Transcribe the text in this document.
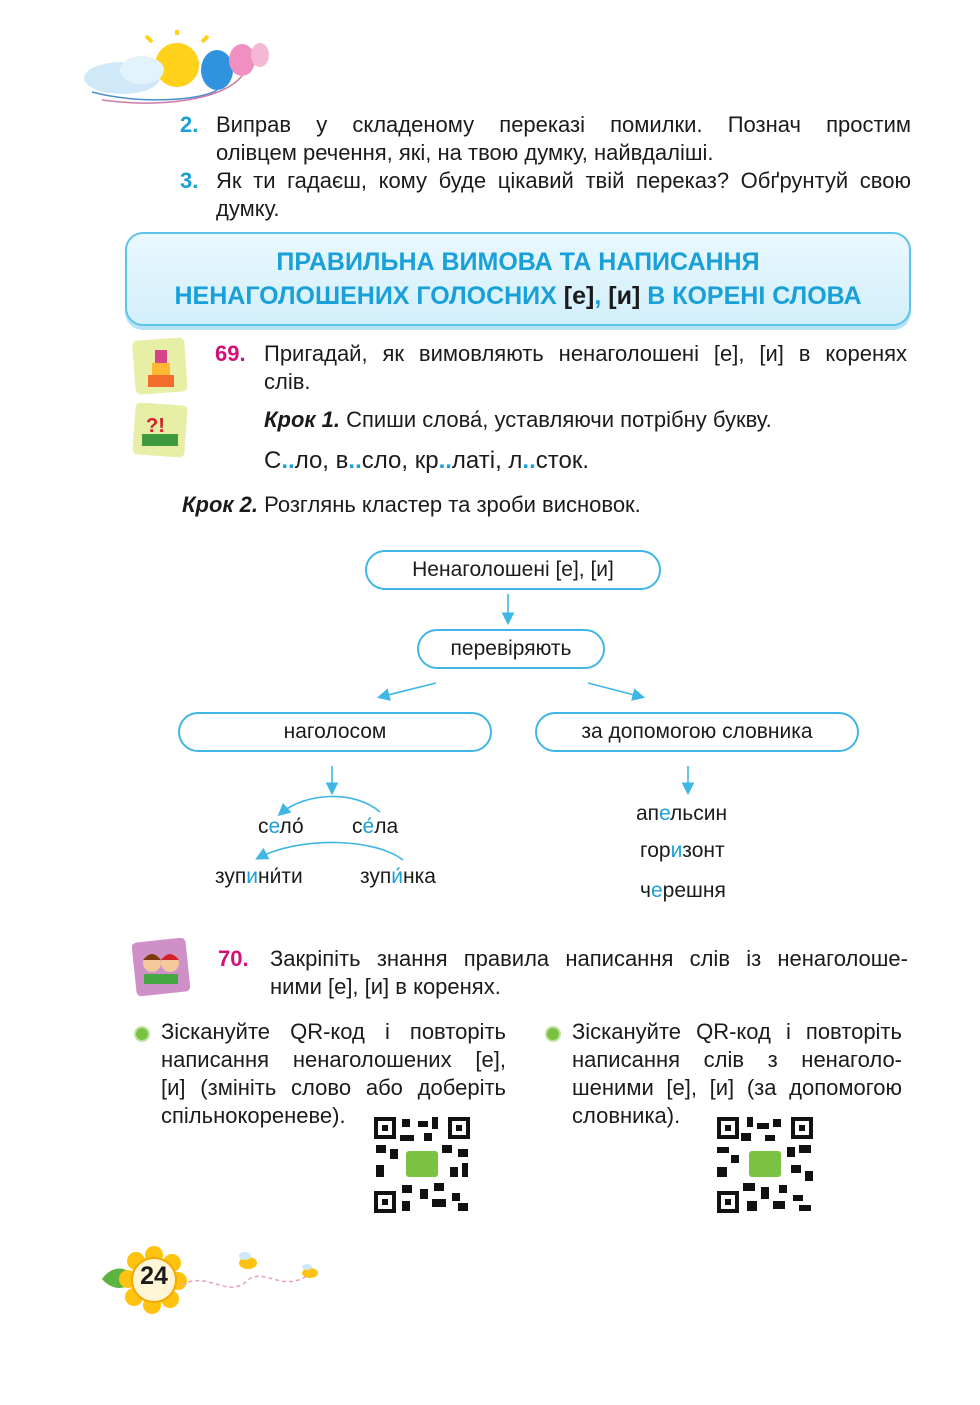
2. Виправ у складеному переказі помилки. Познач простим
олівцем речення, які, на твою думку, найвдаліші.
3. Як ти гадаєш, кому буде цікавий твій переказ? Обґрунтуй свою
думку.
ПРАВИЛЬНА ВИМОВА ТА НАПИСАННЯ
НЕНАГОЛОШЕНИХ ГОЛОСНИХ [е], [и] В КОРЕНІ СЛОВА
?!
69. Пригадай, як вимовляють ненаголошені [е], [и] в коренях
слів.
Крок 1. Спиши слова́, уставляючи потрібну букву.
С..ло, в..сло, кр..латі, л..сток.
Крок 2. Розглянь кластер та зроби висновок.
Ненаголошені [е], [и]
перевіряють
наголосом	за допомогою словника
село́ се́ла
зупини́ти	зупи́нка
апельсин
горизонт
черешня
70. Закріпіть знання правила написання слів із ненаголоше-
ними [е], [и] в коренях.
Зіскануйте QR-код і повторіть
написання ненаголошених [е],
[и] (змініть слово або доберіть
спільнокореневе).
Зіскануйте QR-код і повторіть
написання слів з ненаголо-
шеними [е], [и] (за допомогою
словника).
24
